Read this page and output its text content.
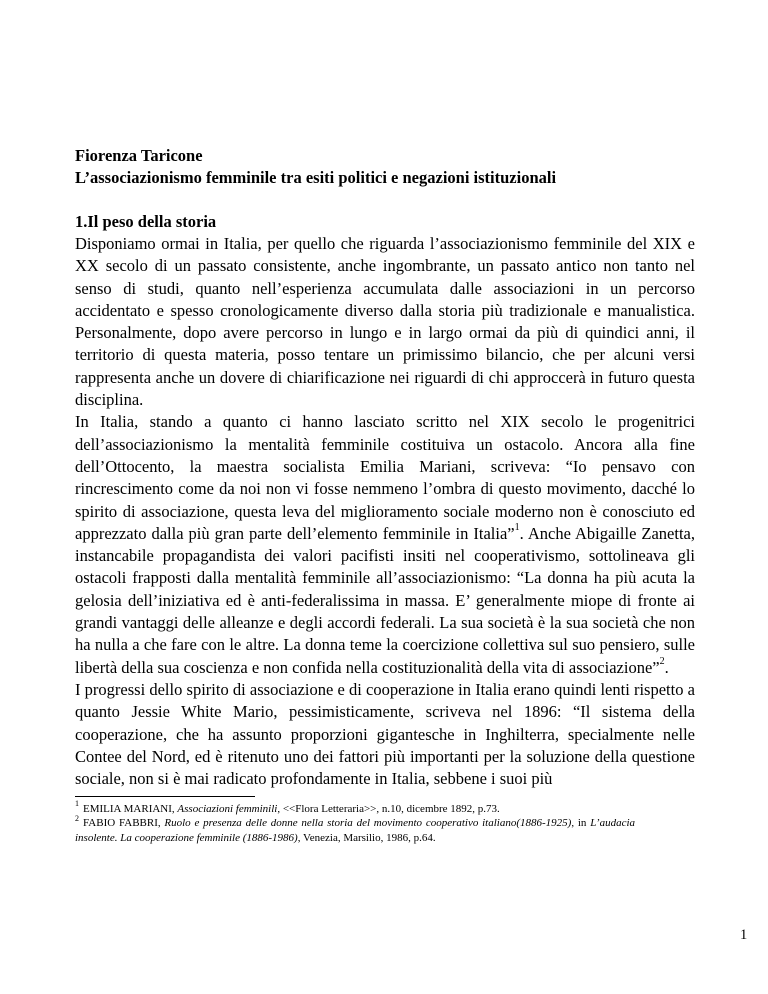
Fiorenza Taricone
L’associazionismo femminile tra esiti politici e negazioni istituzionali
1.Il peso della storia

Disponiamo ormai in Italia, per quello che riguarda l’associazionismo femminile del XIX e XX secolo di un passato consistente, anche ingombrante, un passato antico non tanto nel senso di studi, quanto nell’esperienza accumulata dalle associazioni in un percorso accidentato e spesso cronologicamente diverso dalla storia più tradizionale e manualistica. Personalmente, dopo avere percorso in lungo e in largo ormai da più di quindici anni, il territorio di questa materia, posso tentare un primissimo bilancio, che per alcuni versi rappresenta anche un dovere di chiarificazione nei riguardi di chi approccerà in futuro questa disciplina.

In Italia, stando a quanto ci hanno lasciato scritto nel XIX secolo le progenitrici dell’associazionismo la mentalità femminile costituiva un ostacolo. Ancora alla fine dell’Ottocento, la maestra socialista Emilia Mariani, scriveva: “Io pensavo con rincrescimento come da noi non vi fosse nemmeno l’ombra di questo movimento, dacché lo spirito di associazione, questa leva del miglioramento sociale moderno non è conosciuto ed apprezzato dalla più gran parte dell’elemento femminile in Italia”$^1$. Anche Abigaille Zanetta, instancabile propagandista dei valori pacifisti insiti nel cooperativismo, sottolineava gli ostacoli frapposti dalla mentalità femminile all’associazionismo: “La donna ha più acuta la gelosia dell’iniziativa ed è anti-federalissima in massa. E’ generalmente miope di fronte ai grandi vantaggi delle alleanze e degli accordi federali. La sua società è la sua società che non ha nulla a che fare con le altre. La donna teme la coercizione collettiva sul suo pensiero, sulle libertà della sua coscienza e non confida nella costituzionalità della vita di associazione”$^2$.

I progressi dello spirito di associazione e di cooperazione in Italia erano quindi lenti rispetto a quanto Jessie White Mario, pessimisticamente, scriveva nel 1896: “Il sistema della cooperazione, che ha assunto proporzioni gigantesche in Inghilterra, specialmente nelle Contee del Nord, ed è ritenuto uno dei fattori più importanti per la soluzione della questione sociale, non si è mai radicato profondamente in Italia, sebbene i suoi più

$^1$ EMILIA MARIANI, Associazioni femminili, <<Flora Letteraria>>, n.10, dicembre 1892, p.73.

$^2$ FABIO FABBRI, Ruolo e presenza delle donne nella storia del movimento cooperativo italiano(1886-1925), in L’audacia insolente. La cooperazione femminile (1886-1986), Venezia, Marsilio, 1986, p.64.

1
